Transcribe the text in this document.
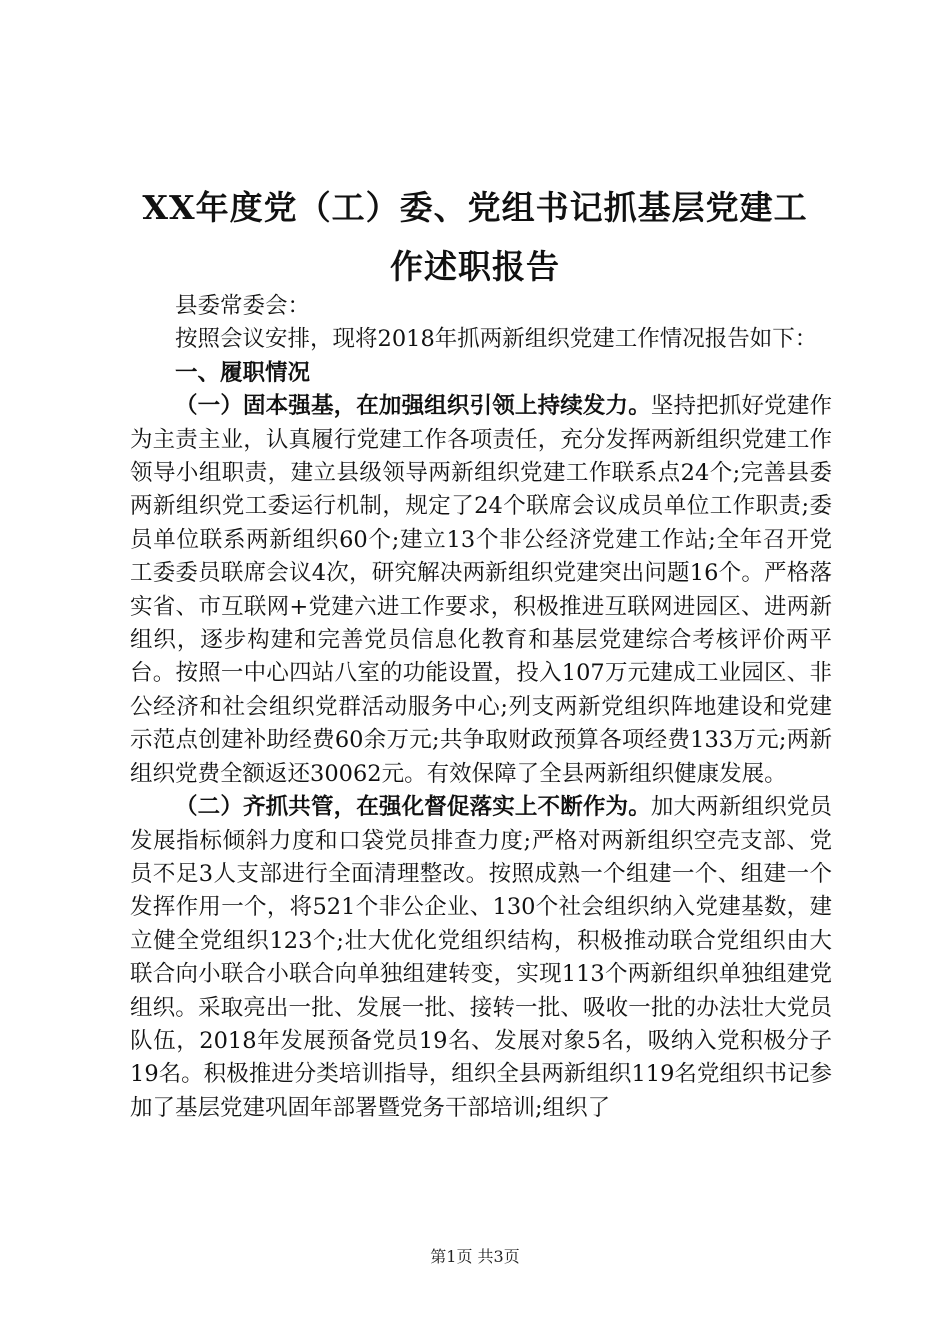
XX年度党（工）委、党组书记抓基层党建工
作述职报告

县委常委会：

按照会议安排，现将2018年抓两新组织党建工作情况报告如下：

一、履职情况

（一）固本强基，在加强组织引领上持续发力。坚持把抓好党建作为主责主业，认真履行党建工作各项责任，充分发挥两新组织党建工作领导小组职责，建立县级领导两新组织党建工作联系点24个;完善县委两新组织党工委运行机制，规定了24个联席会议成员单位工作职责;委员单位联系两新组织60个;建立13个非公经济党建工作站;全年召开党工委委员联席会议4次，研究解决两新组织党建突出问题16个。严格落实省、市互联网+党建六进工作要求，积极推进互联网进园区、进两新组织，逐步构建和完善党员信息化教育和基层党建综合考核评价两平台。按照一中心四站八室的功能设置，投入107万元建成工业园区、非公经济和社会组织党群活动服务中心;列支两新党组织阵地建设和党建示范点创建补助经费60余万元;共争取财政预算各项经费133万元;两新组织党费全额返还30062元。有效保障了全县两新组织健康发展。

（二）齐抓共管，在强化督促落实上不断作为。加大两新组织党员发展指标倾斜力度和口袋党员排查力度;严格对两新组织空壳支部、党员不足3人支部进行全面清理整改。按照成熟一个组建一个、组建一个发挥作用一个，将521个非公企业、130个社会组织纳入党建基数，建立健全党组织123个;壮大优化党组织结构，积极推动联合党组织由大联合向小联合小联合向单独组建转变，实现113个两新组织单独组建党组织。采取亮出一批、发展一批、接转一批、吸收一批的办法壮大党员队伍，2018年发展预备党员19名、发展对象5名，吸纳入党积极分子19名。积极推进分类培训指导，组织全县两新组织119名党组织书记参加了基层党建巩固年部署暨党务干部培训;组织了

第1页 共3页
